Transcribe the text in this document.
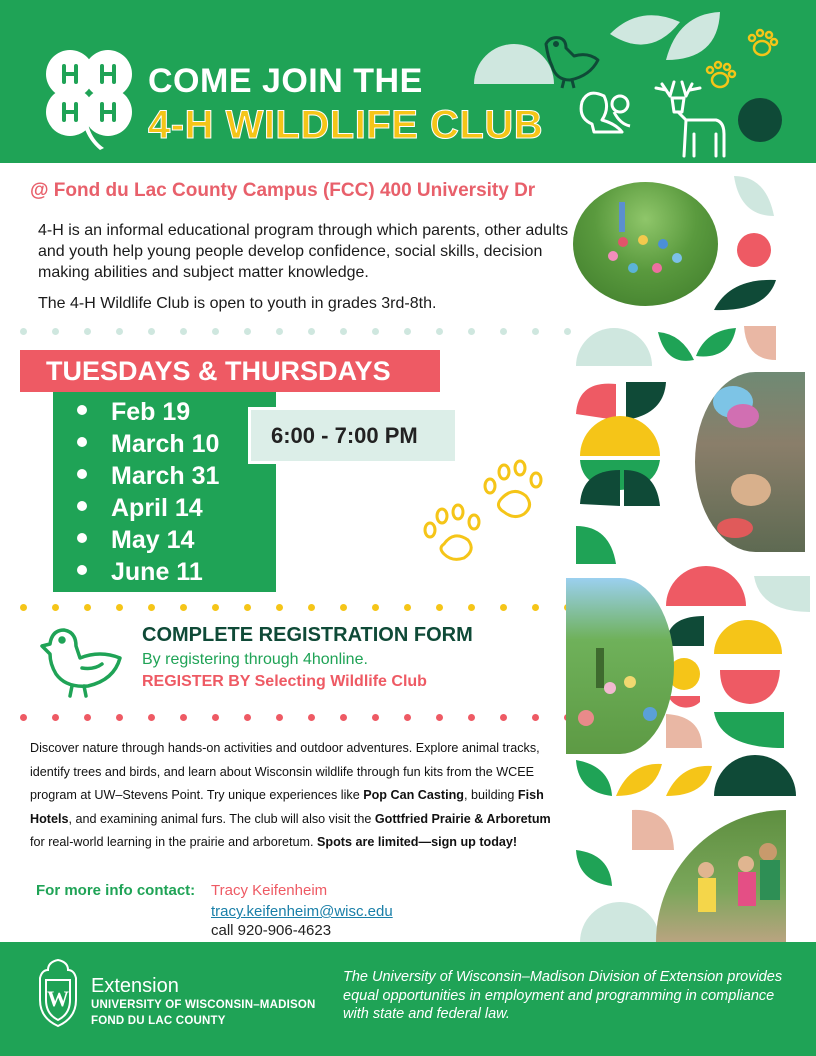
COME JOIN THE
4-H WILDLIFE CLUB
@ Fond du Lac County Campus (FCC) 400 University Dr
4-H is an informal educational program through which parents, other adults and youth help young people develop confidence, social skills, decision making abilities and subject matter knowledge.
The 4-H Wildlife Club is open to youth in grades 3rd-8th.
TUESDAYS & THURSDAYS
Feb 19
March 10
March 31
April 14
May 14
June 11
6:00 - 7:00 PM
COMPLETE REGISTRATION FORM
By registering through 4honline.
REGISTER BY Selecting Wildlife Club
Discover nature through hands-on activities and outdoor adventures. Explore animal tracks, identify trees and birds, and learn about Wisconsin wildlife through fun kits from the WCEE program at UW–Stevens Point. Try unique experiences like Pop Can Casting, building Fish Hotels, and examining animal furs. The club will also visit the Gottfried Prairie & Arboretum for real-world learning in the prairie and arboretum. Spots are limited—sign up today!
For more info contact: Tracy Keifenheim
tracy.keifenheim@wisc.edu
call 920-906-4623
W Extension
UNIVERSITY OF WISCONSIN–MADISON
FOND DU LAC COUNTY
The University of Wisconsin–Madison Division of Extension provides equal opportunities in employment and programming in compliance with state and federal law.
